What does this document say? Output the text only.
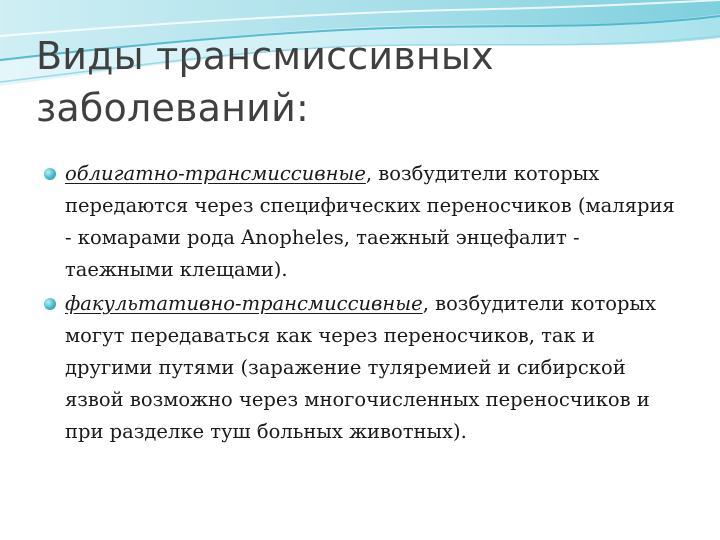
Виды трансмиссивных
заболеваний:
облигатно-трансмиссивные, возбудители которых передаются через специфических переносчиков (малярия - комарами рода Anopheles, таежный энцефалит - таежными клещами).
факультативно-трансмиссивные, возбудители которых могут передаваться как через переносчиков, так и другими путями (заражение туляремией и сибирской язвой возможно через многочисленных переносчиков и при разделке туш больных животных).
